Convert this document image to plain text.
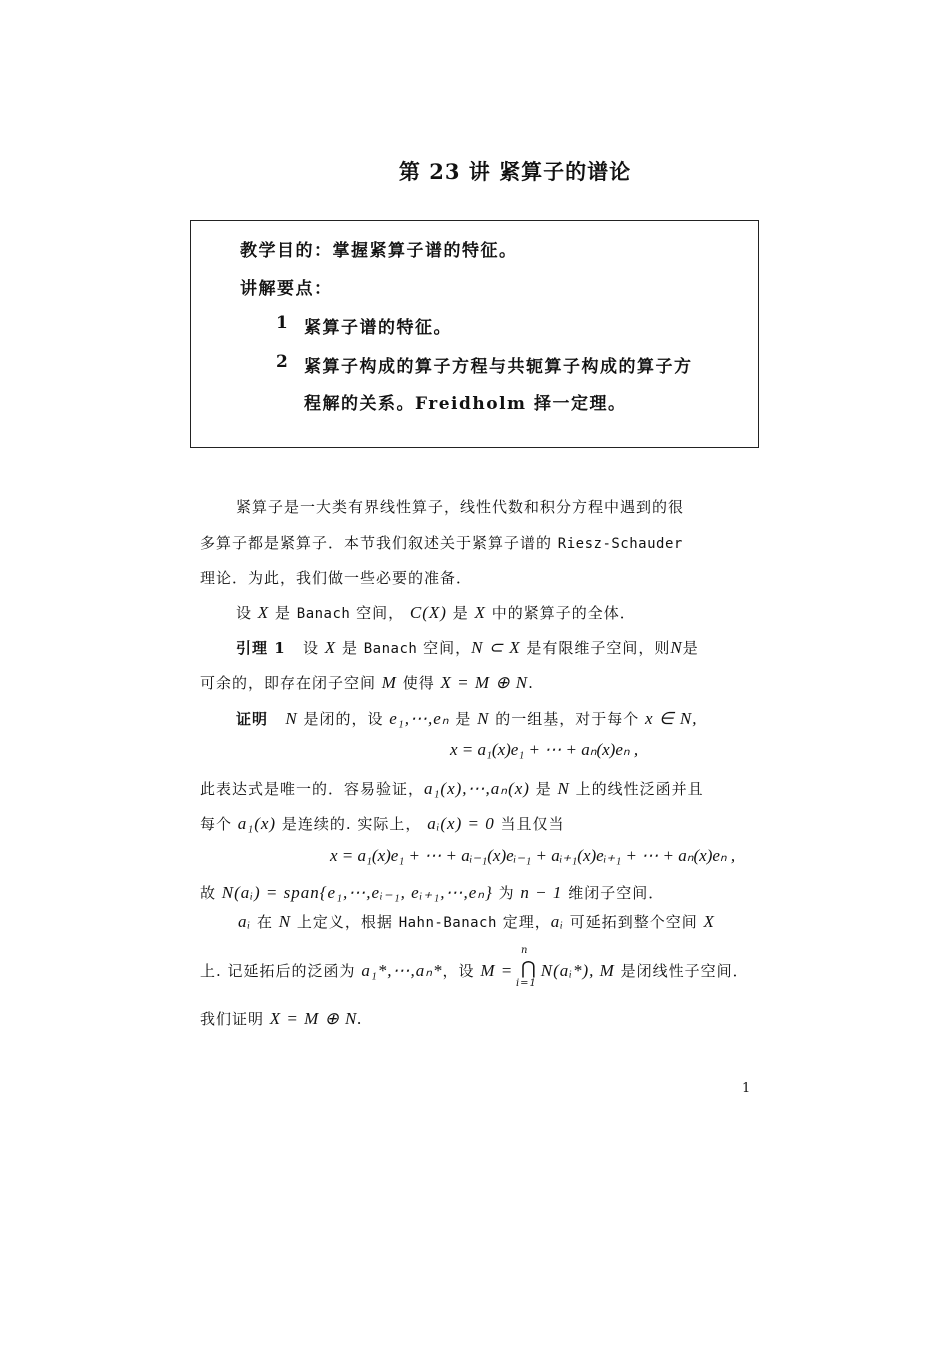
第 23 讲 紧算子的谱论
教学目的：掌握紧算子谱的特征。
讲解要点：
1 紧算子谱的特征。
2 紧算子构成的算子方程与共轭算子构成的算子方
程解的关系。Freidholm 择一定理。
紧算子是一大类有界线性算子，线性代数和积分方程中遇到的很
多算子都是紧算子．本节我们叙述关于紧算子谱的 Riesz-Schauder
理论．为此，我们做一些必要的准备．
设 X 是 Banach 空间， C(X) 是 X 中的紧算子的全体．
引理 1 设 X 是 Banach 空间，N ⊂ X 是有限维子空间，则N是
可余的，即存在闭子空间 M 使得 X = M ⊕ N.
证明 N 是闭的，设 e₁,⋯,eₙ 是 N 的一组基，对于每个 x ∈ N,
x = a₁(x)e₁ + ⋯ + aₙ(x)eₙ ,
此表达式是唯一的．容易验证，a₁(x),⋯,aₙ(x) 是 N 上的线性泛函并且
每个 a₁(x) 是连续的. 实际上， aᵢ(x) = 0 当且仅当
x = a₁(x)e₁ + ⋯ + aᵢ₋₁(x)eᵢ₋₁ + aᵢ₊₁(x)eᵢ₊₁ + ⋯ + aₙ(x)eₙ ,
故 N(aᵢ) = span{e₁,⋯,eᵢ₋₁, eᵢ₊₁,⋯,eₙ} 为 n − 1 维闭子空间．
aᵢ 在 N 上定义，根据 Hahn-Banach 定理，aᵢ 可延拓到整个空间 X
上. 记延拓后的泛函为 a₁*,⋯,aₙ*，设 M =
n
⋂
i=1
N(aᵢ*), M 是闭线性子空间．
我们证明 X = M ⊕ N.
1
